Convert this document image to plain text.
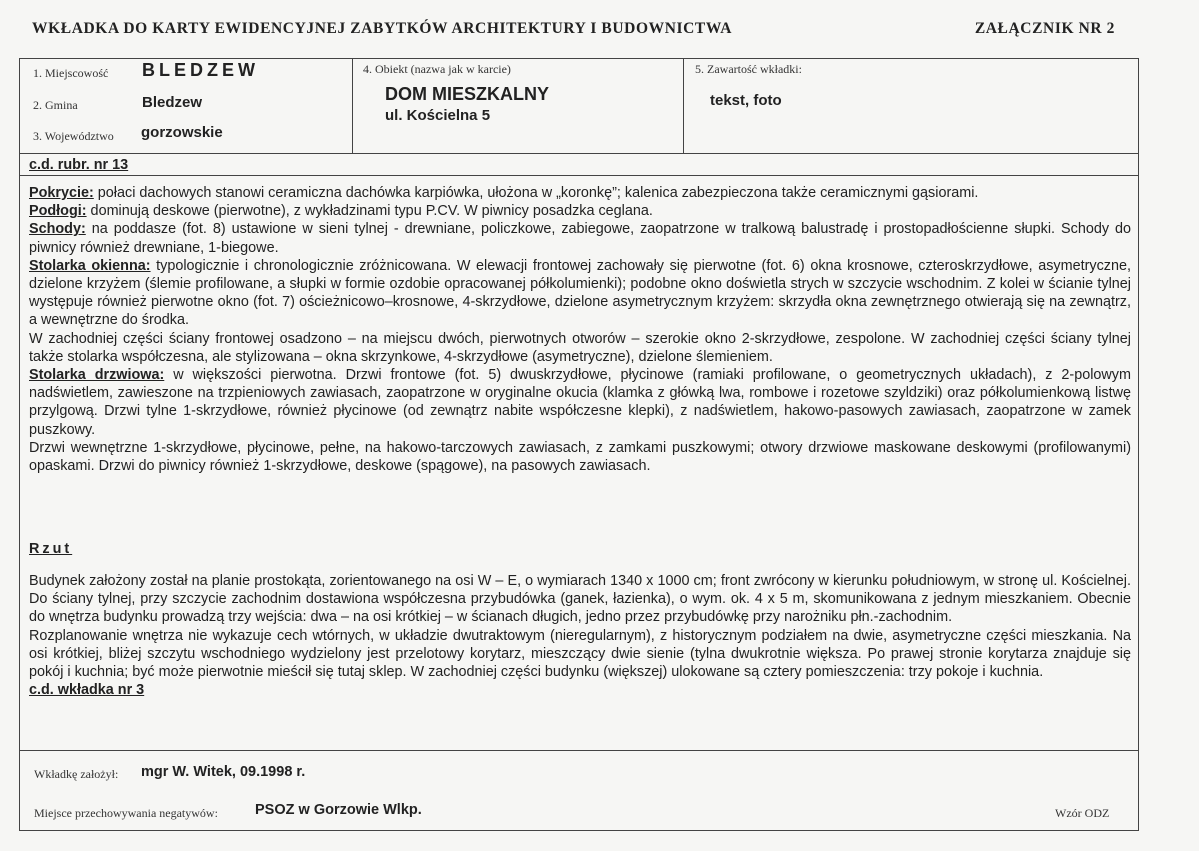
WKŁADKA DO KARTY EWIDENCYJNEJ ZABYTKÓW ARCHITEKTURY I BUDOWNICTWA	ZAŁĄCZNIK NR 2
1. Miejscowość BLEDZEW
2. Gmina	Bledzew
3. Województwo gorzowskie
4. Obiekt (nazwa jak w karcie)
DOM MIESZKALNY
ul. Kościelna 5
5. Zawartość wkładki:
tekst, foto
c.d. rubr. nr 13

Pokrycie: połaci dachowych stanowi ceramiczna dachówka karpiówka, ułożona w „koronkę”; kalenica zabezpieczona także ceramicznymi gąsiorami.

Podłogi: dominują deskowe (pierwotne), z wykładzinami typu P.CV. W piwnicy posadzka ceglana.

Schody: na poddasze (fot. 8) ustawione w sieni tylnej - drewniane, policzkowe, zabiegowe, zaopatrzone w tralkową balustradę i prostopadłościenne słupki. Schody do piwnicy również drewniane, 1-biegowe.

Stolarka okienna: typologicznie i chronologicznie zróżnicowana. W elewacji frontowej zachowały się pierwotne (fot. 6) okna krosnowe, czteroskrzydłowe, asymetryczne, dzielone krzyżem (ślemie profilowane, a słupki w formie ozdobie opracowanej półkolumienki); podobne okno doświetla strych w szczycie wschodnim. Z kolei w ścianie tylnej występuje również pierwotne okno (fot. 7) ościeżnicowo–krosnowe, 4-skrzydłowe, dzielone asymetrycznym krzyżem: skrzydła okna zewnętrznego otwierają się na zewnątrz, a wewnętrzne do środka.

W zachodniej części ściany frontowej osadzono – na miejscu dwóch, pierwotnych otworów – szerokie okno 2-skrzydłowe, zespolone. W zachodniej części ściany tylnej także stolarka współczesna, ale stylizowana – okna skrzynkowe, 4-skrzydłowe (asymetryczne), dzielone ślemieniem.

Stolarka drzwiowa: w większości pierwotna. Drzwi frontowe (fot. 5) dwuskrzydłowe, płycinowe (ramiaki profilowane, o geometrycznych układach), z 2-polowym nadświetlem, zawieszone na trzpieniowych zawiasach, zaopatrzone w oryginalne okucia (klamka z główką lwa, rombowe i rozetowe szyldziki) oraz półkolumienkową listwę przylgową. Drzwi tylne 1-skrzydłowe, również płycinowe (od zewnątrz nabite współczesne klepki), z nadświetlem, hakowo-pasowych zawiasach, zaopatrzone w zamek puszkowy.

Drzwi wewnętrzne 1-skrzydłowe, płycinowe, pełne, na hakowo-tarczowych zawiasach, z zamkami puszkowymi; otwory drzwiowe maskowane deskowymi (profilowanymi) opaskami. Drzwi do piwnicy również 1-skrzydłowe, deskowe (spągowe), na pasowych zawiasach.

Rzut

Budynek założony został na planie prostokąta, zorientowanego na osi W – E, o wymiarach 1340 x 1000 cm; front zwrócony w kierunku południowym, w stronę ul. Kościelnej. Do ściany tylnej, przy szczycie zachodnim dostawiona współczesna przybudówka (ganek, łazienka), o wym. ok. 4 x 5 m, skomunikowana z jednym mieszkaniem. Obecnie do wnętrza budynku prowadzą trzy wejścia: dwa – na osi krótkiej – w ścianach długich, jedno przez przybudówkę przy narożniku płn.-zachodnim.

Rozplanowanie wnętrza nie wykazuje cech wtórnych, w układzie dwutraktowym (nieregularnym), z historycznym podziałem na dwie, asymetryczne części mieszkania. Na osi krótkiej, bliżej szczytu wschodniego wydzielony jest przelotowy korytarz, mieszczący dwie sienie (tylna dwukrotnie większa. Po prawej stronie korytarza znajduje się pokój i kuchnia; być może pierwotnie mieścił się tutaj sklep. W zachodniej części budynku (większej) ulokowane są cztery pomieszczenia: trzy pokoje i kuchnia.

c.d. wkładka nr 3

Wkładkę założył: mgr W. Witek, 09.1998 r.
Miejsce przechowywania negatywów:	PSOZ w Gorzowie Wlkp.	Wzór ODZ
